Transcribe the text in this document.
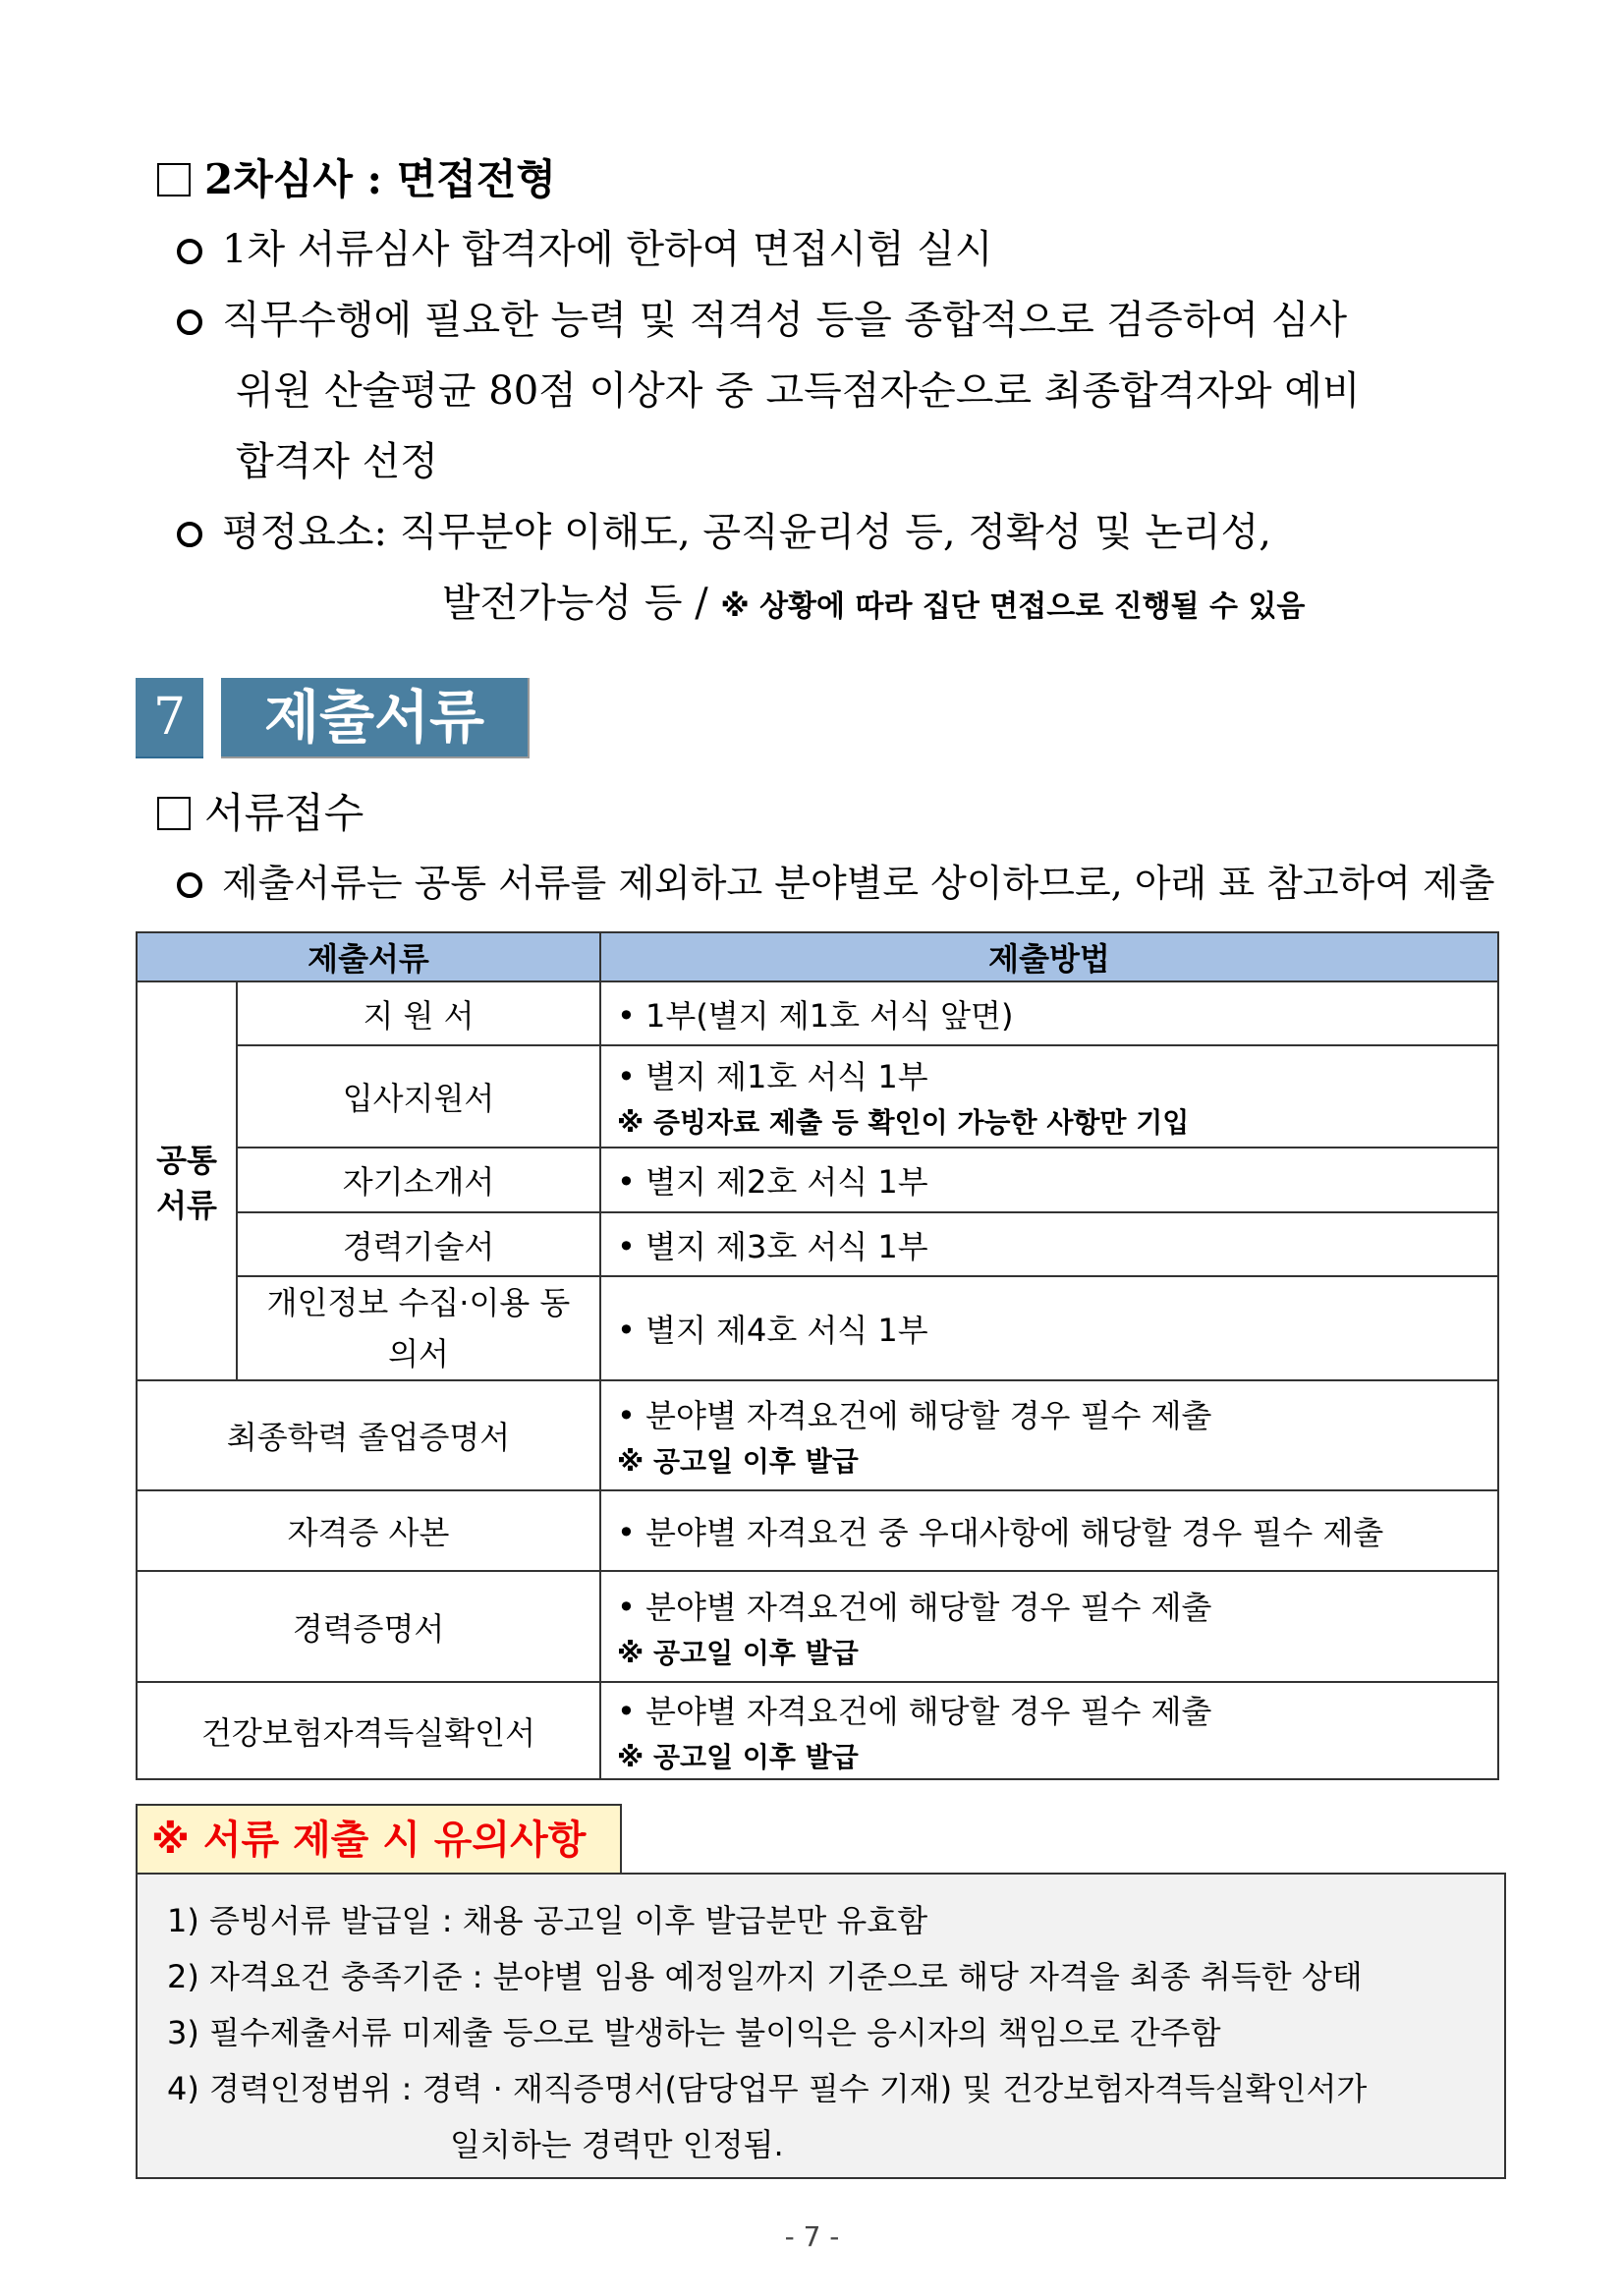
2차심사 : 면접전형
1차 서류심사 합격자에 한하여 면접시험 실시
직무수행에 필요한 능력 및 적격성 등을 종합적으로 검증하여 심사
위원 산술평균 80점 이상자 중 고득점자순으로 최종합격자와 예비
합격자 선정
평정요소: 직무분야 이해도, 공직윤리성 등, 정확성 및 논리성,
발전가능성 등 / ※ 상황에 따라 집단 면접으로 진행될 수 있음
7	제출서류
서류접수
제출서류는 공통 서류를 제외하고 분야별로 상이하므로, 아래 표 참고하여 제출
제출서류		제출방법
공통 서류	지 원 서	• 1부(별지 제1호 서식 앞면)
	입사지원서	• 별지 제1호 서식 1부
※ 증빙자료 제출 등 확인이 가능한 사항만 기입

	자기소개서	• 별지 제2호 서식 1부
	경력기술서	• 별지 제3호 서식 1부
	개인정보 수집·이용 동의서	• 별지 제4호 서식 1부
최종학력 졸업증명서		• 분야별 자격요건에 해당할 경우 필수 제출
※ 공고일 이후 발급

자격증 사본		• 분야별 자격요건 중 우대사항에 해당할 경우 필수 제출
경력증명서		• 분야별 자격요건에 해당할 경우 필수 제출
※ 공고일 이후 발급

건강보험자격득실확인서		• 분야별 자격요건에 해당할 경우 필수 제출
※ 공고일 이후 발급
※ 서류 제출 시 유의사항
1) 증빙서류 발급일 : 채용 공고일 이후 발급분만 유효함
2) 자격요건 충족기준 : 분야별 임용 예정일까지 기준으로 해당 자격을 최종 취득한 상태
3) 필수제출서류 미제출 등으로 발생하는 불이익은 응시자의 책임으로 간주함
4) 경력인정범위 : 경력 · 재직증명서(담당업무 필수 기재) 및 건강보험자격득실확인서가
일치하는 경력만 인정됨.
- 7 -
